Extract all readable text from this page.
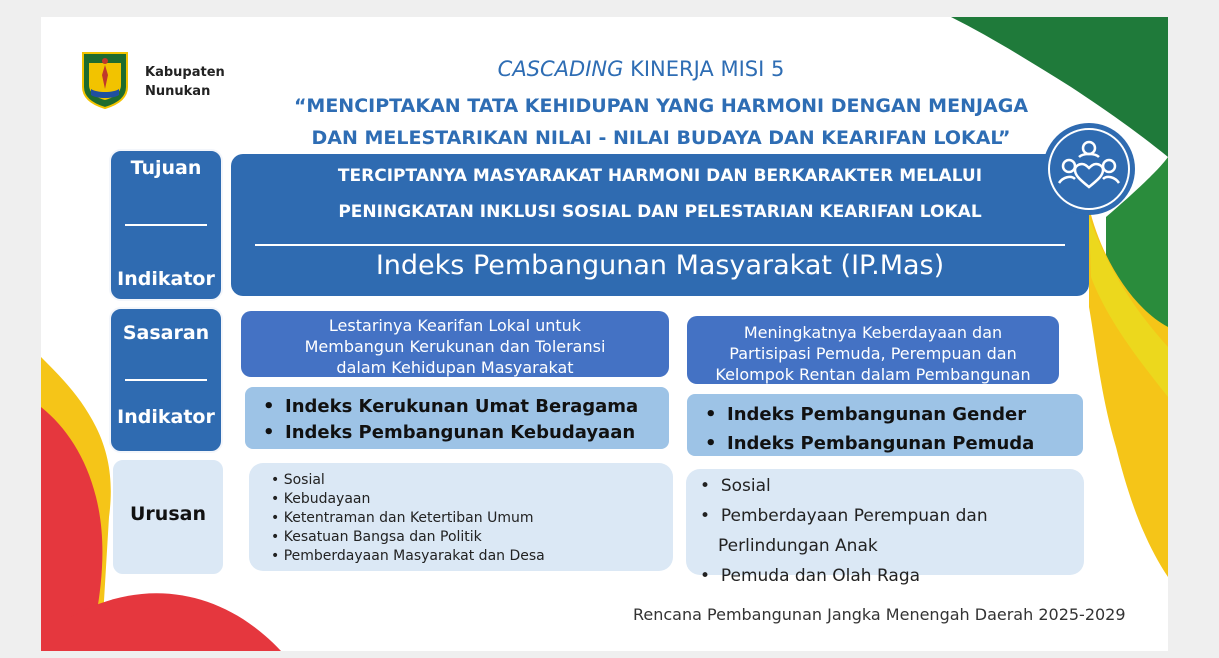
Kabupaten
Nunukan
CASCADING KINERJA MISI 5
“MENCIPTAKAN TATA KEHIDUPAN YANG HARMONI DENGAN MENJAGA
DAN MELESTARIKAN NILAI - NILAI BUDAYA DAN KEARIFAN LOKAL”
Tujuan
Indikator
Sasaran
Indikator
Urusan
TERCIPTANYA MASYARAKAT HARMONI DAN BERKARAKTER MELALUI
PENINGKATAN INKLUSI SOSIAL DAN PELESTARIAN KEARIFAN LOKAL
Indeks Pembangunan Masyarakat (IP.Mas)
Lestarinya Kearifan Lokal untuk
Membangun Kerukunan dan Toleransi
dalam Kehidupan Masyarakat
Meningkatnya Keberdayaan dan
Partisipasi Pemuda, Perempuan dan
Kelompok Rentan dalam Pembangunan
• Indeks Kerukunan Umat Beragama
• Indeks Pembangunan Kebudayaan
• Indeks Pembangunan Gender
• Indeks Pembangunan Pemuda
• Sosial
• Kebudayaan
• Ketentraman dan Ketertiban Umum
• Kesatuan Bangsa dan Politik
• Pemberdayaan Masyarakat dan Desa
•  Sosial
•  Pemberdayaan Perempuan dan
Perlindungan Anak
•  Pemuda dan Olah Raga
Rencana Pembangunan Jangka Menengah Daerah 2025-2029
